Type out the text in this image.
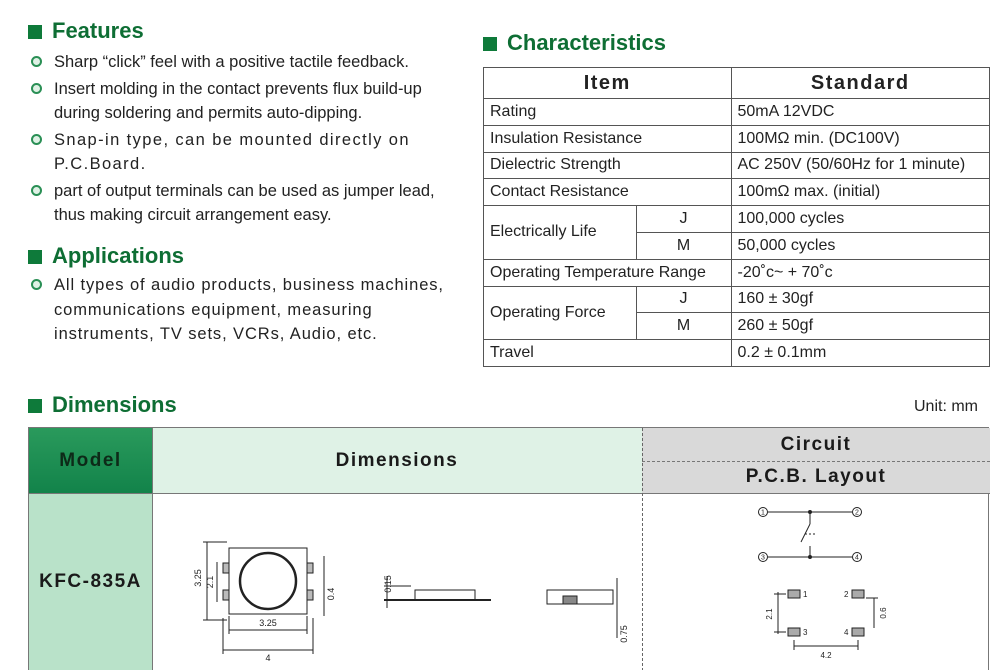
Features
Sharp “click” feel with a positive tactile feedback.
Insert molding in the contact prevents flux build-up during soldering and permits auto-dipping.
Snap-in type, can be mounted directly on P.C.Board.
part of output terminals can be used as jumper lead, thus making circuit arrangement easy.
Applications
All types of audio products, business machines, communications equipment, measuring instruments, TV sets, VCRs, Audio, etc.
Characteristics
Item		Standard
Rating		50mA 12VDC
Insulation Resistance		100MΩ min. (DC100V)
Dielectric Strength		AC 250V (50/60Hz for 1 minute)
Contact Resistance		100mΩ max. (initial)
Electrically Life	J	100,000 cycles
	M	50,000 cycles
Operating Temperature Range		-20˚c~ + 70˚c
Operating Force	J	160 ± 30gf
	M	260 ± 50gf
Travel		0.2 ± 0.1mm
Dimensions	Unit: mm
Model	Dimensions
Circuit
P.C.B. Layout
KFC-835A	3.25 2.1
0.4
3.25
4
0.15
0.75
1	2
3	4
1	2
3	4
2.1	0.6
4.2
